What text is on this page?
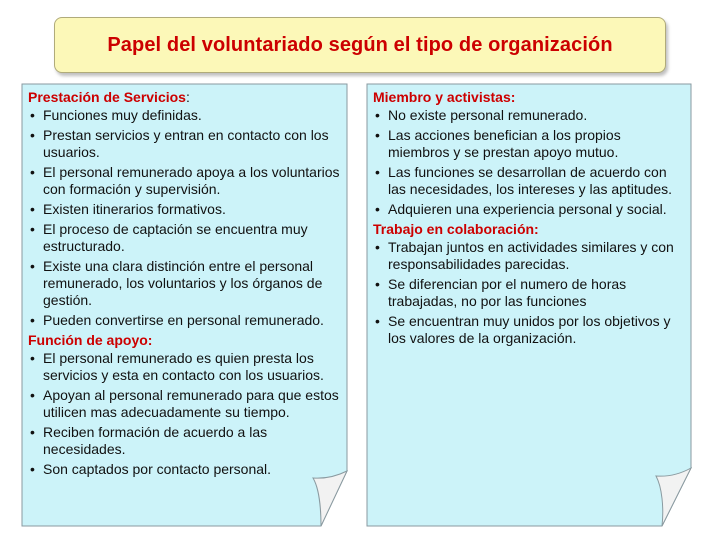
Papel del voluntariado según el tipo de organización
Prestación de Servicios:
• Funciones muy definidas.
• Prestan servicios y entran en contacto con los usuarios.
• El personal remunerado apoya a los voluntarios con formación y supervisión.
• Existen itinerarios formativos.
• El proceso de captación se encuentra muy estructurado.
• Existe una clara distinción entre el personal remunerado, los voluntarios y los órganos de gestión.
• Pueden convertirse en personal remunerado.
Función de apoyo:
• El personal remunerado es quien presta los servicios y esta en contacto con los usuarios.
• Apoyan al personal remunerado para que estos utilicen mas adecuadamente su tiempo.
• Reciben formación de acuerdo a las necesidades.
• Son captados por contacto personal.
Miembro y activistas:
• No existe personal remunerado.
• Las acciones benefician a los propios miembros y se prestan apoyo mutuo.
• Las funciones se desarrollan de acuerdo con las necesidades, los intereses y las aptitudes.
• Adquieren una experiencia personal y social.
Trabajo en colaboración:
• Trabajan juntos en actividades similares y con responsabilidades parecidas.
• Se diferencian por el numero de horas trabajadas, no por las funciones
• Se encuentran muy unidos por los objetivos y los valores de la organización.
